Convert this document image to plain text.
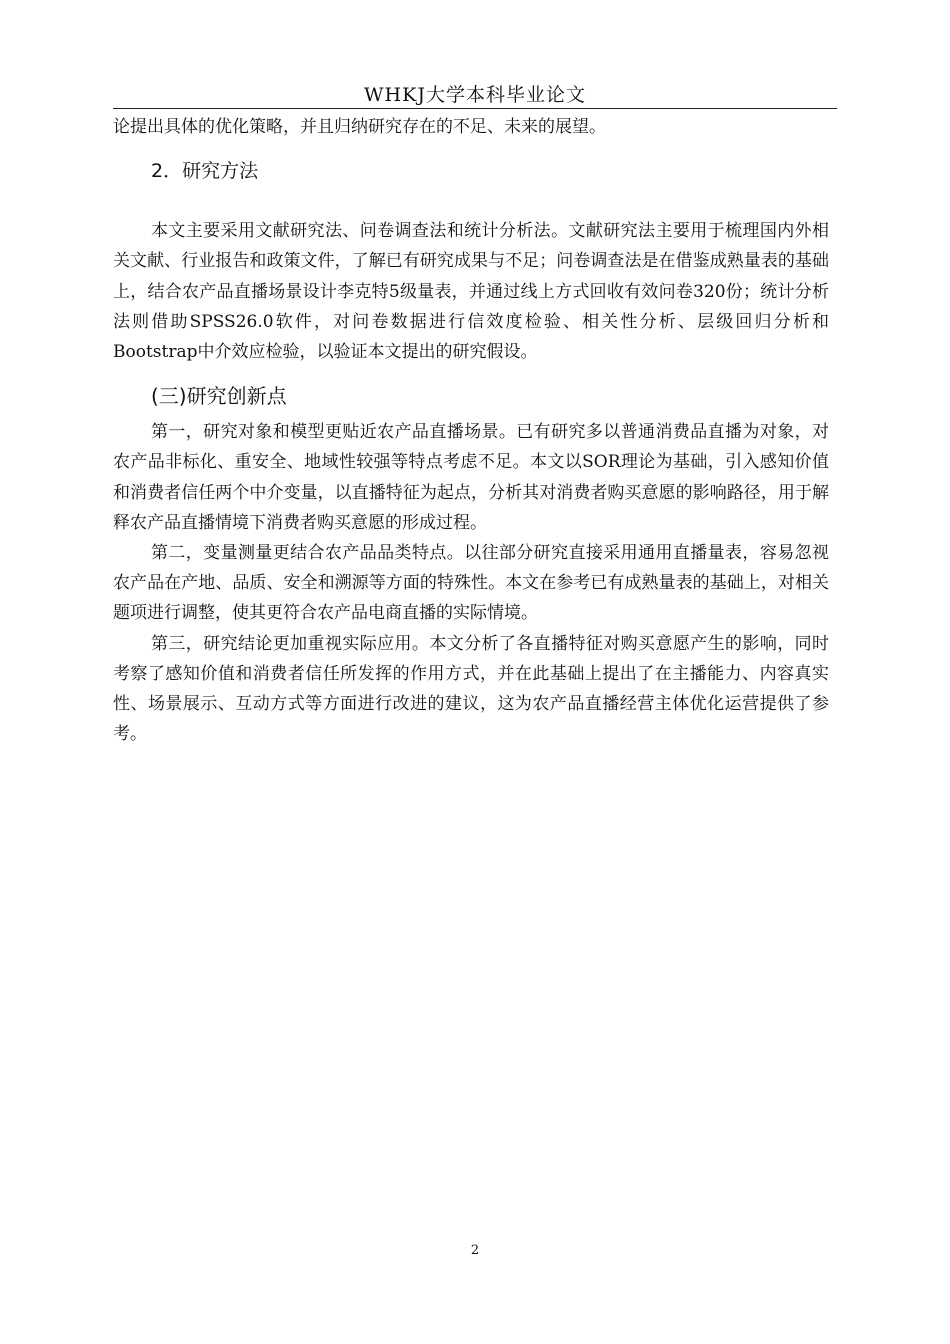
WHKJ大学本科毕业论文

论提出具体的优化策略，并且归纳研究存在的不足、未来的展望。

2．研究方法

本文主要采用文献研究法、问卷调查法和统计分析法。文献研究法主要用于梳理国内外相关文献、行业报告和政策文件，了解已有研究成果与不足；问卷调查法是在借鉴成熟量表的基础上，结合农产品直播场景设计李克特5级量表，并通过线上方式回收有效问卷320份；统计分析法则借助SPSS26.0软件，对问卷数据进行信效度检验、相关性分析、层级回归分析和Bootstrap中介效应检验，以验证本文提出的研究假设。

(三)研究创新点

第一，研究对象和模型更贴近农产品直播场景。已有研究多以普通消费品直播为对象，对农产品非标化、重安全、地域性较强等特点考虑不足。本文以SOR理论为基础，引入感知价值和消费者信任两个中介变量，以直播特征为起点，分析其对消费者购买意愿的影响路径，用于解释农产品直播情境下消费者购买意愿的形成过程。

第二，变量测量更结合农产品品类特点。以往部分研究直接采用通用直播量表，容易忽视农产品在产地、品质、安全和溯源等方面的特殊性。本文在参考已有成熟量表的基础上，对相关题项进行调整，使其更符合农产品电商直播的实际情境。

第三，研究结论更加重视实际应用。本文分析了各直播特征对购买意愿产生的影响，同时考察了感知价值和消费者信任所发挥的作用方式，并在此基础上提出了在主播能力、内容真实性、场景展示、互动方式等方面进行改进的建议，这为农产品直播经营主体优化运营提供了参考。

2
